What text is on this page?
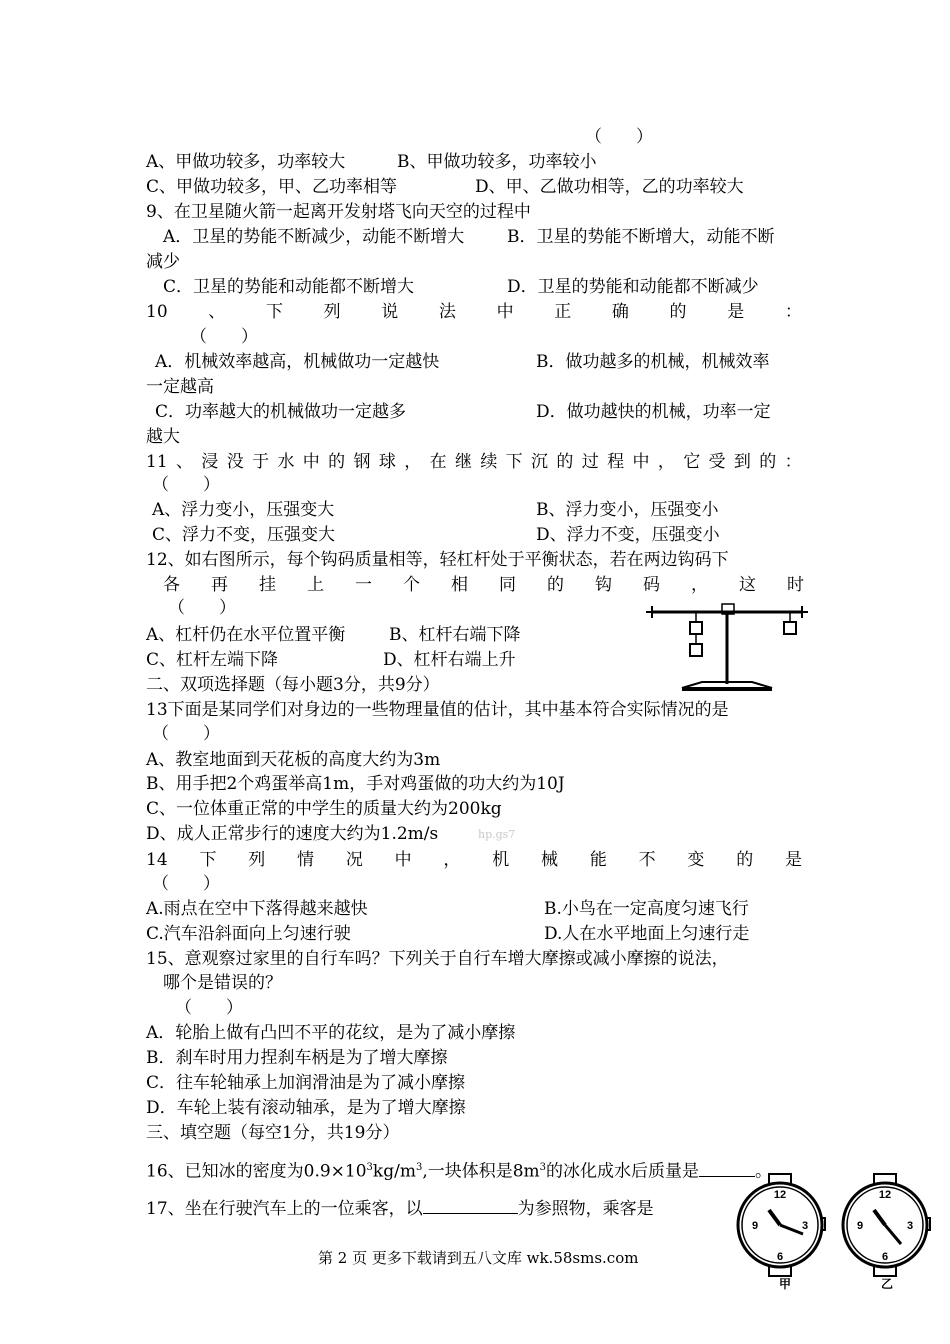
（　　）
A、甲做功较多，功率较大	B、甲做功较多，功率较小
C、甲做功较多，甲、乙功率相等	D、甲、乙做功相等，乙的功率较大
9、在卫星随火箭一起离开发射塔飞向天空的过程中
A．卫星的势能不断减少，动能不断增大	B．卫星的势能不断增大，动能不断
减少
C．卫星的势能和动能都不断增大	D．卫星的势能和动能都不断减少
10 、 下 列 说 法 中 正 确 的 是 ：
（　　）
A．机械效率越高，机械做功一定越快	B．做功越多的机械，机械效率
一定越高
C．功率越大的机械做功一定越多	D．做功越快的机械，功率一定
越大
11 、 浸 没 于 水 中 的 钢 球 ， 在 继 续 下 沉 的 过 程 中 ， 它 受 到 的 ：
（　　）
A、浮力变小，压强变大	B、浮力变小，压强变小
C、浮力不变，压强变大	D、浮力不变，压强变小
12、如右图所示，每个钩码质量相等，轻杠杆处于平衡状态，若在两边钩码下
各 再 挂 上 一 个 相 同 的 钩 码 ， 这 时
（　　）
A、杠杆仍在水平位置平衡	B、杠杆右端下降
C、杠杆左端下降	D、杠杆右端上升
二、双项选择题（每小题3分，共9分）
13下面是某同学们对身边的一些物理量值的估计，其中基本符合实际情况的是
（　　）
A、教室地面到天花板的高度大约为3m
B、用手把2个鸡蛋举高1m，手对鸡蛋做的功大约为10J
C、一位体重正常的中学生的质量大约为200kg
D、成人正常步行的速度大约为1.2m/s	hp.gs7
14 下 列 情 况 中 ， 机 械 能 不 变 的 是
（　　）
A.雨点在空中下落得越来越快	B.小鸟在一定高度匀速飞行
C.汽车沿斜面向上匀速行驶	D.人在水平地面上匀速行走
15、意观察过家里的自行车吗？下列关于自行车增大摩擦或减小摩擦的说法，
哪个是错误的？
（　　）
A．轮胎上做有凸凹不平的花纹，是为了减小摩擦
B．刹车时用力捏刹车柄是为了增大摩擦
C．往车轮轴承上加润滑油是为了减小摩擦
D．车轮上装有滚动轴承，是为了增大摩擦
三、填空题（每空1分，共19分）
16、已知冰的密度为$0.9\times 10^3kg/m^3$,一块体积是$8m^3$的冰化成水后质量是	。
17、坐在行驶汽车上的一位乘客，以	为参照物，乘客是
12
3
6
9
甲
12
3
6
9
乙
第 2 页 更多下载请到五八文库 wk.58sms.com
